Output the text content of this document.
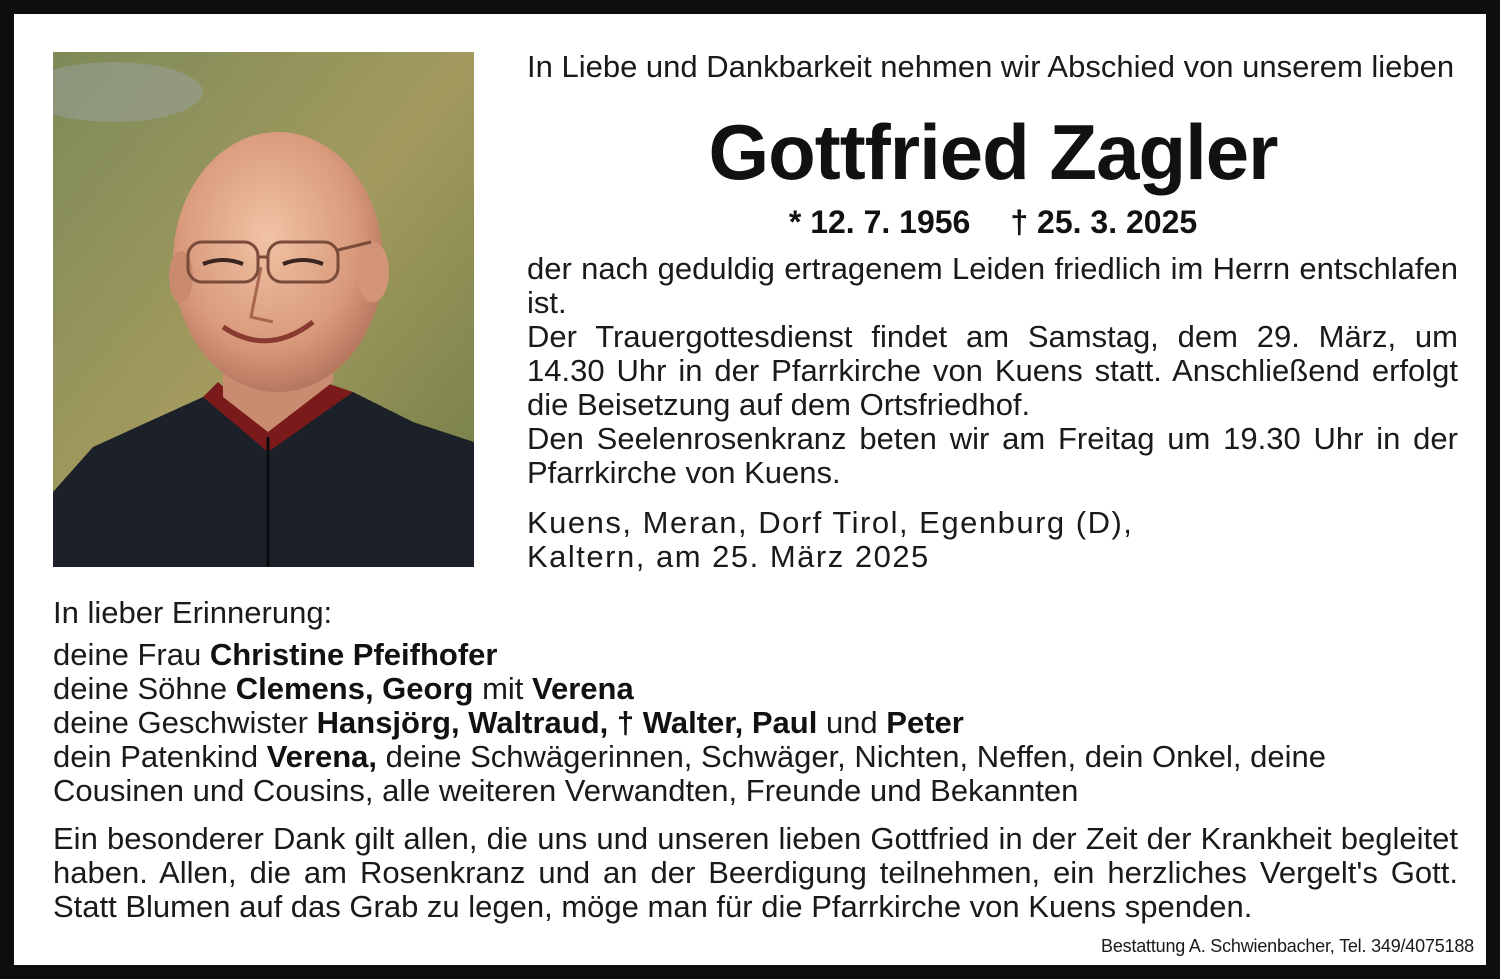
In Liebe und Dankbarkeit nehmen wir Abschied von unserem lieben

Gottfried Zagler
* 12. 7. 1956 † 25. 3. 2025

der nach geduldig ertragenem Leiden friedlich im Herrn entschlafen ist.

Der Trauergottesdienst findet am Samstag, dem 29. März, um 14.30 Uhr in der Pfarrkirche von Kuens statt. Anschließend erfolgt die Beisetzung auf dem Ortsfriedhof.

Den Seelenrosenkranz beten wir am Freitag um 19.30 Uhr in der Pfarrkirche von Kuens.

Kuens, Meran, Dorf Tirol, Egenburg (D),

Kaltern, am 25. März 2025

In lieber Erinnerung:

deine Frau Christine Pfeifhofer

deine Söhne Clemens, Georg mit Verena

deine Geschwister Hansjörg, Waltraud, † Walter, Paul und Peter

dein Patenkind Verena, deine Schwägerinnen, Schwäger, Nichten, Neffen, dein Onkel, deine Cousinen und Cousins, alle weiteren Verwandten, Freunde und Bekannten

Ein besonderer Dank gilt allen, die uns und unseren lieben Gottfried in der Zeit der Krankheit begleitet haben. Allen, die am Rosenkranz und an der Beerdigung teilnehmen, ein herzliches Vergelt's Gott. Statt Blumen auf das Grab zu legen, möge man für die Pfarrkirche von Kuens spenden.

Bestattung A. Schwienbacher, Tel. 349/4075188
